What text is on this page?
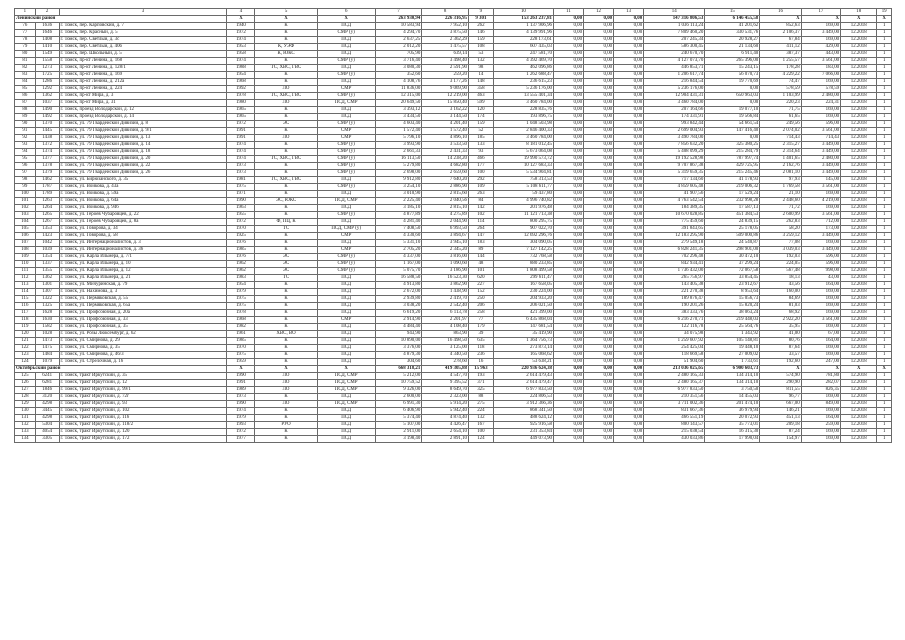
1	2	3	4	5	6	7	8	9	10	11	12	13	14	15	16	17	18	19
Ленинский район			X	X	X	263 930,94	226 316,95	9 301	153 263 237,81	0,00	0,00	0,00	147 316 806,53	6 146 455,58	X	X	X	X
76	1636	г. Томск, пер. Карповский, д. 7	1940	К	ПСД	10 583,94	7 952,10	262	1 137 906,96	0,00	0,00	0,00	1 036 113,24	41 201,62	852,63	169,00	12.2018	1
77	1646	г. Томск, пер. Красный, д. 5	1972	К	СМР (у)	4 294,70	3 875,50	146	4 139 991,96	0,00	0,00	0,00	7 809 460,20	330 531,76	2 106,37	3 449,00	12.2018	1
78	1408	г. Томск, пер. Светлый, д. 3с	1974	К	ПСД	2 637,25	2 362,29	159	228 173,61	0,00	0,00	0,00	207 245,34	20 928,27	67,84	169,00	12.2018	1
79	1410	г. Томск, пер. Светлый, д. 40б	1953	К, УЭФ	ПСД	2 012,20	1 475,57	108	607 435,03	0,00	0,00	0,00	586 300,45	21 134,60	411,12	429,00	12.2018	1
80	1549	г. Томск, пер. Школьный, д. 5	1958	К, ЮКС	ПСД	705,90	639,14	53	247 581,70	0,00	0,00	0,00	240 670,70	6 911,40	387,37	443,00	12.2018	1
81	1558	г. Томск, пр-кт Ленина, д. 168	1974	К	СМР (у)	3 716,40	3 498,40	132	4 392 469,70	0,00	0,00	0,00	4 127 073,70	265 396,00	1 255,57	3 561,00	12.2018	1
82	1273	г. Томск, пр-кт Ленина, д. 128/1	1988	ТС, ХВС, ГВС	ПСД	3 080,30	2 591,90	98	462 096,86	0,00	0,00	0,00	446 853,71	15 243,15	178,28	183,00	12.2018	1
83	1725	г. Томск, пр-кт Ленина, д. 169	1954	К	СМР (у)	352,60	259,20	14	1 262 688,47	0,00	0,00	0,00	1 206 617,74	56 070,73	4 229,22	7 066,00	12.2018	1
84	1286	г. Томск, пр-кт Ленина, д. 212а	1968	К	ПСД	4 108,76	3 177,26	148	236 615,23	0,00	0,00	0,00	216 844,54	19 770,69	74,47	169,00	12.2018	1
85	1292	г. Томск, пр-кт Ленина, д. 224	1992	ЛО	СМР	11 836,00	9 069,90	358	5 236 176,00	0,00	0,00	0,00	5 236 176,00	0,00	578,59	578,59	12.2018	1
86	1362	г. Томск, пр-кт Мира, д. 3	1978	ТС, ХВС, ГВС	СМР (у)	12 315,00	12 219,00	463	13 555 401,34	0,00	0,00	0,00	12 904 431,31	650 963,03	1 103,99	2 480,00	12.2018	1
87	1037	г. Томск, пр-кт Мира, д. 31	1980	ЛО	ПСД, СМР	20 649,50	15 850,40	599	3 460 784,00	0,00	0,00	0,00	3 460 784,00	0,00	220,23	224,31	12.2018	1
88	1490	г. Томск, проезд Володарской, д. 12	1965	К	ПСД	3 393,12	3 162,22	120	228 835,76	0,00	0,00	0,00	207 164,66	19 077,10	71,75	169,00	12.2018	1
89	1492	г. Томск, проезд Володарской, д. 14	1965	К	ПСД	3 434,50	3 144,50	174	193 896,75	0,00	0,00	0,00	174 331,91	19 566,84	61,65	169,00	12.2018	1
90	1370	г. Томск, ул. 79 Гвардейской Дивизии, д. 8	1972	ЭС	СМР (у)	4 603,40	4 201,40	159	1 048 503,98	0,00	0,00	0,00	993 842,44	54 661,54	249,56	596,00	12.2018	1
91	1445	г. Томск, ул. 79 Гвардейской Дивизии, д. 9/1	1991	К	СМР	1 572,40	1 572,40	52	2 846 400,33	0,00	0,00	0,00	2 699 004,93	147 416,40	2 074,02	3 561,00	12.2018	1
92	1438	г. Томск, ул. 79 Гвардейской Дивизии, д. 13	1991	ЛО	СМР	5 796,10	4 896,10	185	3 460 784,00	0,00	0,00	0,00	3 490 784,00	0,00	714,43	714,43	12.2018	1
93	1372	г. Томск, ул. 79 Гвардейской Дивизии, д. 14	1974	К	СМР (у)	3 993,90	3 533,50	133	8 181 012,45	0,00	0,00	0,00	7 856 632,20	325 380,25	2 315,27	3 449,00	12.2018	1
94	1374	г. Томск, ул. 79 Гвардейской Дивизии, д. 18	1974	К	СМР (у)	2 661,33	2 431,33	93	5 673 064,08	0,00	0,00	0,00	5 408 099,29	215 284,79	2 314,64	3 449,00	12.2018	1
95	1377	г. Томск, ул. 79 Гвардейской Дивизии, д. 20	1974	ТС, ХВС, ГВС	СМР (у)	16 113,50	14 238,20	466	19 990 573,72	0,00	0,00	0,00	19 192 528,98	787 997,74	1 401,65	2 480,00	12.2018	1
96	1378	г. Томск, ул. 79 Гвардейской Дивизии, д. 22	1973	К	СМР (у)	5 279,80	4 682,80	177	10 127 683,33	0,00	0,00	0,00	9 707 867,38	429 725,95	2 162,76	3 449,00	12.2018	1
97	1379	г. Томск, ул. 79 Гвардейской Дивизии, д. 26	1973	К	СМР (у)	2 698,00	2 659,60	100	5 534 904,81	0,00	0,00	0,00	5 319 659,35	215 245,46	2 081,10	3 449,00	12.2018	1
98	1462	г. Томск, ул. Бирюзанского, д. 35	1981	ТС, ХВС, ГВС	ПСД	9 912,80	7 640,20	292	758 313,53	0,00	0,00	0,00	717 134,60	41 178,93	97,93	145,00	12.2018	1
99	1787	г. Томск, ул. Войкова, д. 43а	1975	К	СМР (у)	3 254,10	2 886,90	109	5 108 611,77	0,00	0,00	0,00	4 859 605,48	219 006,32	1 769,58	3 561,00	12.2018	1
100	1789	г. Томск, ул. Войкова, д. 59а	1971	К	ПСД	3 010,90	2 815,60	263	59 437,80	0,00	0,00	0,00	41 907,56	17 529,24	21,10	169,00	12.2018	1
101	1263	г. Томск, ул. Войкова, д. 64а	1990	ЭС, ЮКС	ПСД, СМР	2 225,40	2 040,56	84	4 996 740,82	0,00	0,00	0,00	4 763 542,54	232 998,28	2 448,60	4 219,00	12.2018	1
102	1264	г. Томск, ул. Войкова, д. 946	1963	К	ПСД	3 185,10	2 815,10	142	201 976,48	0,00	0,00	0,00	184 389,35	17 587,13	71,72	169,00	12.2018	1
103	1265	г. Томск, ул. Героев Чубаровцев, д. 22	1955	К	СМР (у)	4 877,89	4 275,89	102	11 121 713,38	0,00	0,00	0,00	10 670 028,85	451 384,53	2 600,99	3 561,00	12.2018	1
104	1267	г. Томск, ул. Героев Чубаровцев, д. 8а	1972	Ф, ПЦ, К	ПСД	4 281,40	2 044,90	114	800 295,75	0,00	0,00	0,00	775 459,60	24 839,15	262,83	712,00	12.2018	1
105	1353	г. Томск, ул. Говорова, д. 34	1970	ТС	ПСД, СМР (у)	7 408,50	6 993,50	264	907 022,70	0,00	0,00	0,00	391 843,65	25 178,05	58,20	173,00	12.2018	1
106	1423	г. Томск, ул. Говорова, д. 58	1925	К	СМР	4 330,60	3 894,67	147	12 692 296,76	0,00	0,00	0,00	12 183 295,90	509 000,86	3 259,12	3 449,00	12.2018	1
107	1042	г. Томск, ул. Интернационалистов, д. 3	1976	К	ПСД	5 331,10	3 945,10	183	304 090,05	0,00	0,00	0,00	279 549,18	24 540,87	77,08	169,00	12.2018	1
108	1039	г. Томск, ул. Интернационалистов, д. 36	1985	К	СМР	2 705,20	2 345,20	89	7 127 142,25	0,00	0,00	0,00	6 828 241,35	298 901,00	3 039,03	3 449,00	12.2018	1
109	1354	г. Томск, ул. Карла Ильмера, д. 7/1	1976	ЭС	СМР (у)	4 337,00	3 816,00	144	732 768,58	0,00	0,00	0,00	702 296,48	30 472,10	192,03	596,00	12.2018	1
110	1337	г. Томск, ул. Карла Ильмера, д. 10	1962	ЭС	СМР (у)	1 167,00	1 090,60	48	880 233,85	0,00	0,00	0,00	842 934,41	37 299,24	224,05	596,00	12.2018	1
111	1355	г. Томск, ул. Карла Ильмера, д. 12	1962	ЭС	СМР (у)	5 075,70	3 186,90	101	1 808 499,58	0,00	0,00	0,00	1 736 432,00	72 067,58	567,48	998,00	12.2018	1
112	1362	г. Томск, ул. Карла Ильмера, д. 21	1983	ТС	ПСД	16 588,50	16 523,30	620	299 611,47	0,00	0,00	0,00	265 756,97	33 854,45	18,13	43,00	12.2018	1
113	1301	г. Томск, ул. Мичуринская, д. 79	1954	К	ПСД	4 913,80	3 862,90	227	167 658,05	0,00	0,00	0,00	143 405,38	23 912,67	43,56	164,00	12.2018	1
114	1307	г. Томск, ул. Нахимова, д. 3	1979	К	ПСД	2 672,00	1 438,90	152	230 224,00	0,00	0,00	0,00	221 270,38	8 953,64	160,00	169,00	12.2018	1
115	1322	г. Томск, ул. Пермяковская, д. 55	1975	К	ПСД	2 939,80	2 419,70	250	204 933,20	0,00	0,00	0,00	189 876,47	15 056,73	84,69	169,00	12.2018	1
116	1325	г. Томск, ул. Пермяковская, д. 65а	1975	К	ПСД	3 038,20	2 542,40	206	206 021,50	0,00	0,00	0,00	190 201,26	15 820,24	81,03	169,00	12.2018	1
117	1628	г. Томск, ул. Профсоюзная, д. 20а	1978	К	ПСД	6 619,20	6 113,78	258	421 399,00	0,00	0,00	0,00	383 333,76	38 063,24	68,92	169,00	12.2018	1
118	1630	г. Томск, ул. Профсоюзная, д. 33	1968	К	СМР	2 914,90	2 201,97	77	6 435 868,04	0,00	0,00	0,00	6 216 270,71	219 448,03	2 922,20	3 561,00	12.2018	1
119	1582	г. Томск, ул. Профсоюзная, д. 35	1982	К	ПСД	4 484,40	4 108,40	179	147 681,54	0,00	0,00	0,00	122 116,78	25 564,76	35,95	169,00	12.2018	1
120	1028	г. Томск, ул. Розы Люксембург, д. 62	1961	ХВС, ВО	ПСД	943,90	863,90	39	35 419,90	0,00	0,00	0,00	34 075,98	1 343,92	41,00	67,00	12.2018	1
121	1473	г. Томск, ул. Смирнова, д. 29	1985	К	ПСД	10 890,00	16 498,50	635	1 364 756,73	0,00	0,00	0,00	1 259 607,92	105 148,81	80,76	164,00	12.2018	1
122	1475	г. Томск, ул. Смирнова, д. 35	1970	К	ПСД	3 376,00	3 125,00	118	273 873,14	0,00	0,00	0,00	254 425,04	19 448,10	87,64	169,00	12.2018	1
123	1484	г. Томск, ул. Смирнова, д. 46/3	1975	К	ПСД	4 879,30	4 340,50	236	165 068,62	0,00	0,00	0,00	118 669,58	27 009,02	33,57	169,00	12.2018	1
124	1079	г. Томск, ул. Стрелочная, д. 16	1959	К	ПСД	304,60	278,60	16	53 638,21	0,00	0,00	0,00	51 904,60	1 733,61	192,60	247,00	12.2018	1
Октябрьский район			X	X	X	668 318,21	419 305,88	15 963	220 936 624,38	0,00	0,00	0,00	213 036 025,65	6 900 603,73	X	X	X	X
125	6241	г. Томск, тракт Иркутский, д. 35	1990	ЛО	ПСД, СМР	5 212,00	4 547,70	193	2 614 479,43	0,00	0,00	0,00	2 480 165,33	134 314,10	574,90	781,80	12.2018	1
126	6281	г. Томск, тракт Иркутский, д. 12	1991	ЛО	ПСД, СМР	10 759,52	9 395,52	371	2 614 479,47	0,00	0,00	0,00	2 480 165,37	134 314,10	290,90	282,07	12.2018	1
127	1846	г. Томск, тракт Иркутский, д. 99/1	1989	ЛО	ПСД, СМР	9 326,00	8 649,70	325	6 977 833,50	0,00	0,00	0,00	6 977 833,50	3 750,50	811,55	826,35	12.2018	1
128	3120	г. Томск, тракт Иркутский, д. 72г	1973	К	ПСД	2 600,00	2 323,00	88	224 806,53	0,00	0,00	0,00	210 351,56	14 455,03	96,77	169,00	12.2018	1
129	4298	г. Томск, тракт Иркутский, д. 93	1990	ЛО	ПСД, СМР	6 991,30	5 914,20	275	3 912 366,36	0,00	0,00	0,00	3 711 002,36	201 474,10	667,00	849,00	12.2018	1
130	3445	г. Томск, тракт Иркутский, д. 102	1974	К	ПСД	6 406,90	5 942,40	224	868 341,50	0,00	0,00	0,00	831 667,36	36 979,94	146,21	169,00	12.2018	1
131	4298	г. Томск, тракт Иркутский, д. 116	1979	К	ПСД	5 374,40	4 874,40	132	488 624,12	0,00	0,00	0,00	466 551,19	20 072,93	451,13	164,00	12.2018	1
132	5304	г. Томск, тракт Иркутский, д. 118/2	1993	РУО	ПСД	5 107,00	4 426,47	167	925 916,58	0,00	0,00	0,00	800 143,57	35 773,01	209,18	259,00	12.2018	1
133	4054	г. Томск, тракт Иркутский, д. 120	1972	К	ПСД	2 911,00	2 654,10	100	231 353,84	0,00	0,00	0,00	215 038,54	16 315,30	87,24	169,00	12.2018	1
134	3305	г. Томск, тракт Иркутский, д. 172	1977	К	ПСД	3 198,40	2 891,10	124	449 073,90	0,00	0,00	0,00	430 033,86	17 990,04	154,97	169,00	12.2018	1
